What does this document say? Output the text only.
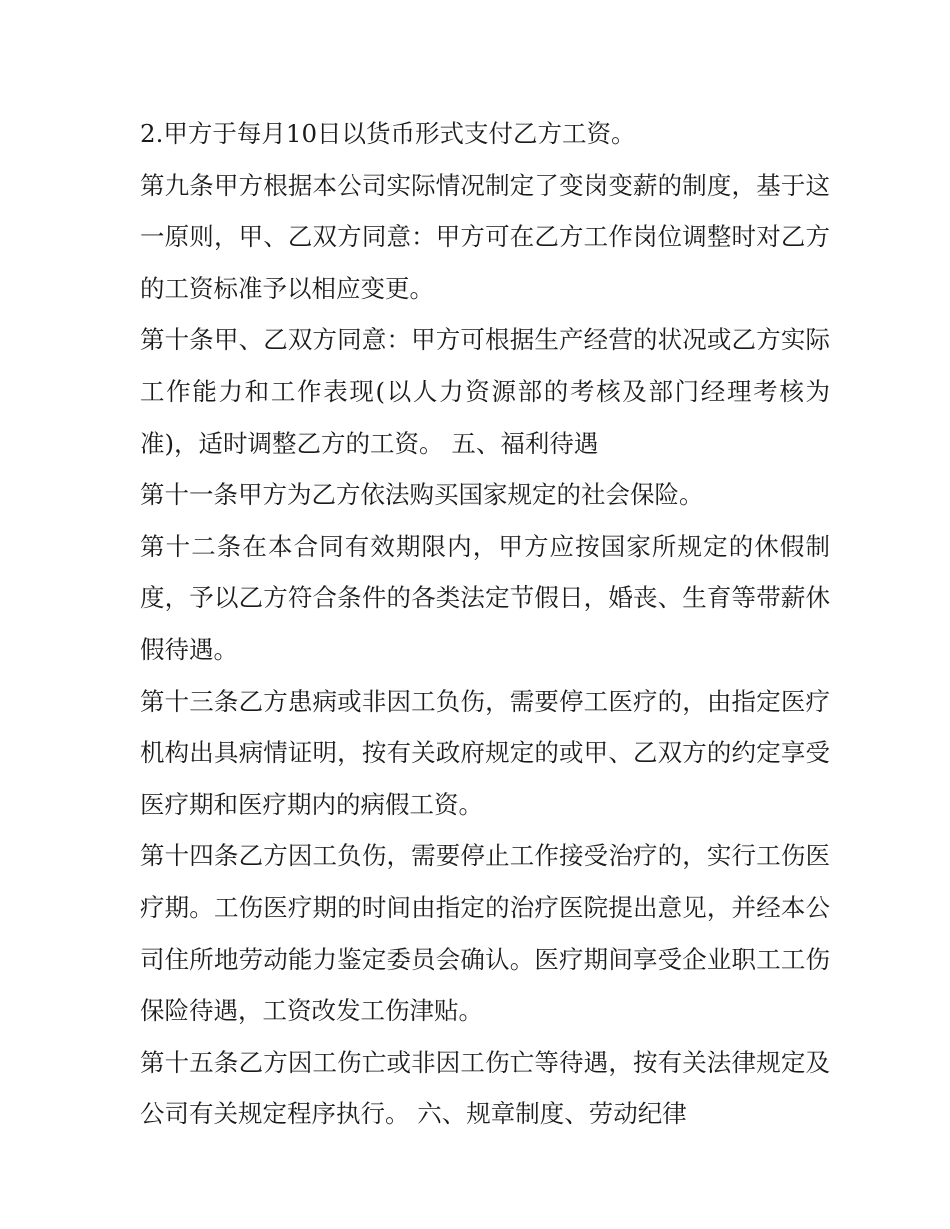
2.甲方于每月10日以货币形式支付乙方工资。

第九条甲方根据本公司实际情况制定了变岗变薪的制度，基于这一原则，甲、乙双方同意：甲方可在乙方工作岗位调整时对乙方的工资标准予以相应变更。

第十条甲、乙双方同意：甲方可根据生产经营的状况或乙方实际工作能力和工作表现(以人力资源部的考核及部门经理考核为准)，适时调整乙方的工资。 五、福利待遇

第十一条甲方为乙方依法购买国家规定的社会保险。

第十二条在本合同有效期限内，甲方应按国家所规定的休假制度，予以乙方符合条件的各类法定节假日，婚丧、生育等带薪休假待遇。

第十三条乙方患病或非因工负伤，需要停工医疗的，由指定医疗机构出具病情证明，按有关政府规定的或甲、乙双方的约定享受医疗期和医疗期内的病假工资。

第十四条乙方因工负伤，需要停止工作接受治疗的，实行工伤医疗期。工伤医疗期的时间由指定的治疗医院提出意见，并经本公司住所地劳动能力鉴定委员会确认。医疗期间享受企业职工工伤保险待遇，工资改发工伤津贴。

第十五条乙方因工伤亡或非因工伤亡等待遇，按有关法律规定及公司有关规定程序执行。 六、规章制度、劳动纪律
